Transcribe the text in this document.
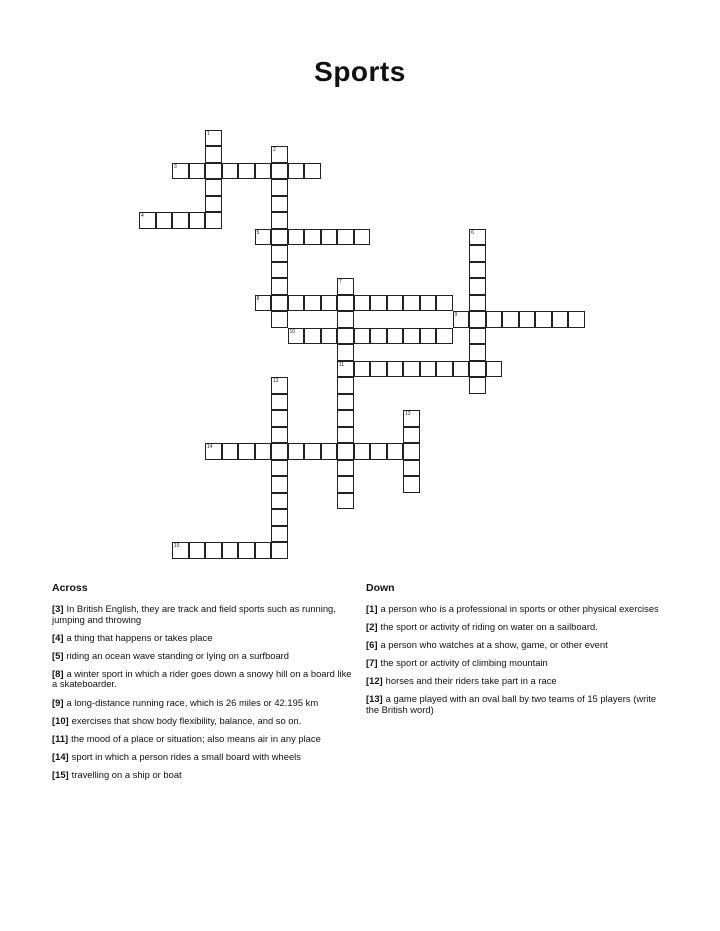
Sports
1
2
3
4
5	6
7
11
8
9
10
12
13
14
15
Across
[3] In British English, they are track and field sports such as running, jumping and throwing
[4] a thing that happens or takes place
[5] riding an ocean wave standing or lying on a surfboard
[8] a winter sport in which a rider goes down a snowy hill on a board like a skateboarder.
[9] a long-distance running race, which is 26 miles or 42.195 km
[10] exercises that show body flexibility, balance, and so on.
[11] the mood of a place or situation; also means air in any place
[14] sport in which a person rides a small board with wheels
[15] travelling on a ship or boat
Down
[1] a person who is a professional in sports or other physical exercises
[2] the sport or activity of riding on water on a sailboard.
[6] a person who watches at a show, game, or other event
[7] the sport or activity of climbing mountain
[12] horses and their riders take part in a race
[13] a game played with an oval ball by two teams of 15 players (write the British word)
